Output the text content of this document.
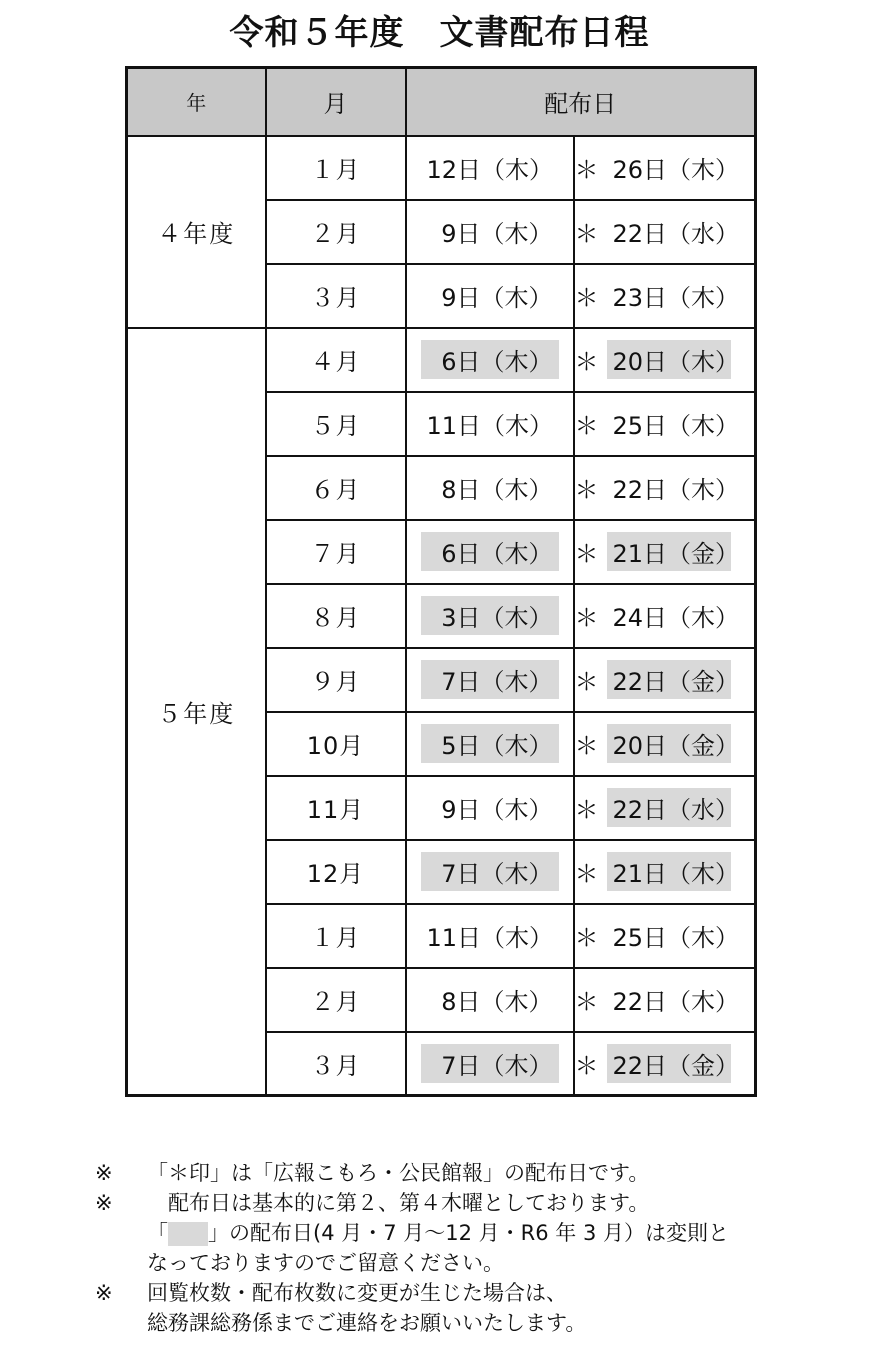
令和５年度　文書配布日程
年	月	配布日	
４年度	１月	12日（木）	＊ 26日（木）

	２月	9日（木）	＊ 22日（水）

	３月	9日（木）	＊ 23日（木）

５年度	４月	6日（木）	＊ 20日（木）

	５月	11日（木）	＊ 25日（木）

	６月	8日（木）	＊ 22日（木）

	７月	6日（木）	＊ 21日（金）

	８月	3日（木）	＊ 24日（木）

	９月	7日（木）	＊ 22日（金）

	10月	5日（木）	＊ 20日（金）

	11月	9日（木）	＊ 22日（水）

	12月	7日（木）	＊ 21日（木）

	１月	11日（木）	＊ 25日（木）

	２月	8日（木）	＊ 22日（木）

	３月	7日（木）	＊ 22日（金）
※	「＊印」は「広報こもろ・公民館報」の配布日です。
※	　配布日は基本的に第２、第４木曜としております。
「 」の配布日(4 月・7 月～12 月・R6 年 3 月）は変則と
なっておりますのでご留意ください。
※	回覧枚数・配布枚数に変更が生じた場合は、
総務課総務係までご連絡をお願いいたします。
